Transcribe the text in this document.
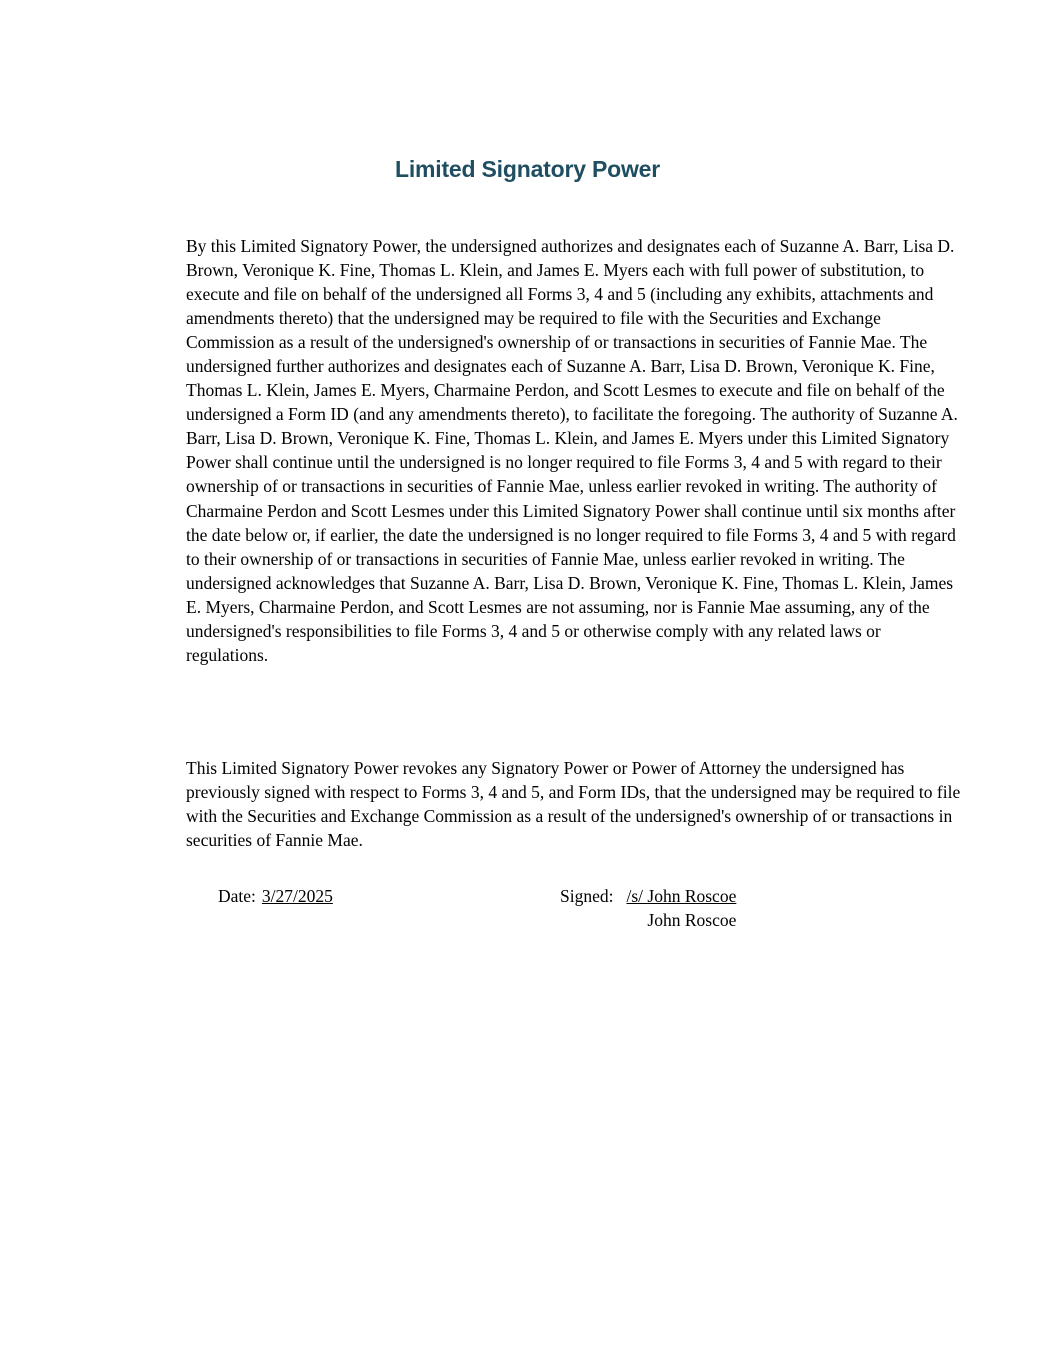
Limited Signatory Power

By this Limited Signatory Power, the undersigned authorizes and designates each of Suzanne A. Barr, Lisa D. Brown, Veronique K. Fine, Thomas L. Klein, and James E. Myers each with full power of substitution, to execute and file on behalf of the undersigned all Forms 3, 4 and 5 (including any exhibits, attachments and amendments thereto) that the undersigned may be required to file with the Securities and Exchange Commission as a result of the undersigned's ownership of or transactions in securities of Fannie Mae. The undersigned further authorizes and designates each of Suzanne A. Barr, Lisa D. Brown, Veronique K. Fine, Thomas L. Klein, James E. Myers, Charmaine Perdon, and Scott Lesmes to execute and file on behalf of the undersigned a Form ID (and any amendments thereto), to facilitate the foregoing. The authority of Suzanne A. Barr, Lisa D. Brown, Veronique K. Fine, Thomas L. Klein, and James E. Myers under this Limited Signatory Power shall continue until the undersigned is no longer required to file Forms 3, 4 and 5 with regard to their ownership of or transactions in securities of Fannie Mae, unless earlier revoked in writing. The authority of Charmaine Perdon and Scott Lesmes under this Limited Signatory Power shall continue until six months after the date below or, if earlier, the date the undersigned is no longer required to file Forms 3, 4 and 5 with regard to their ownership of or transactions in securities of Fannie Mae, unless earlier revoked in writing. The undersigned acknowledges that Suzanne A. Barr, Lisa D. Brown, Veronique K. Fine, Thomas L. Klein, James E. Myers, Charmaine Perdon, and Scott Lesmes are not assuming, nor is Fannie Mae assuming, any of the undersigned's responsibilities to file Forms 3, 4 and 5 or otherwise comply with any related laws or regulations.

This Limited Signatory Power revokes any Signatory Power or Power of Attorney the undersigned has previously signed with respect to Forms 3, 4 and 5, and Form IDs, that the undersigned may be required to file with the Securities and Exchange Commission as a result of the undersigned's ownership of or transactions in securities of Fannie Mae.

Date: 3/27/2025	Signed: /s/ John Roscoe
John Roscoe
